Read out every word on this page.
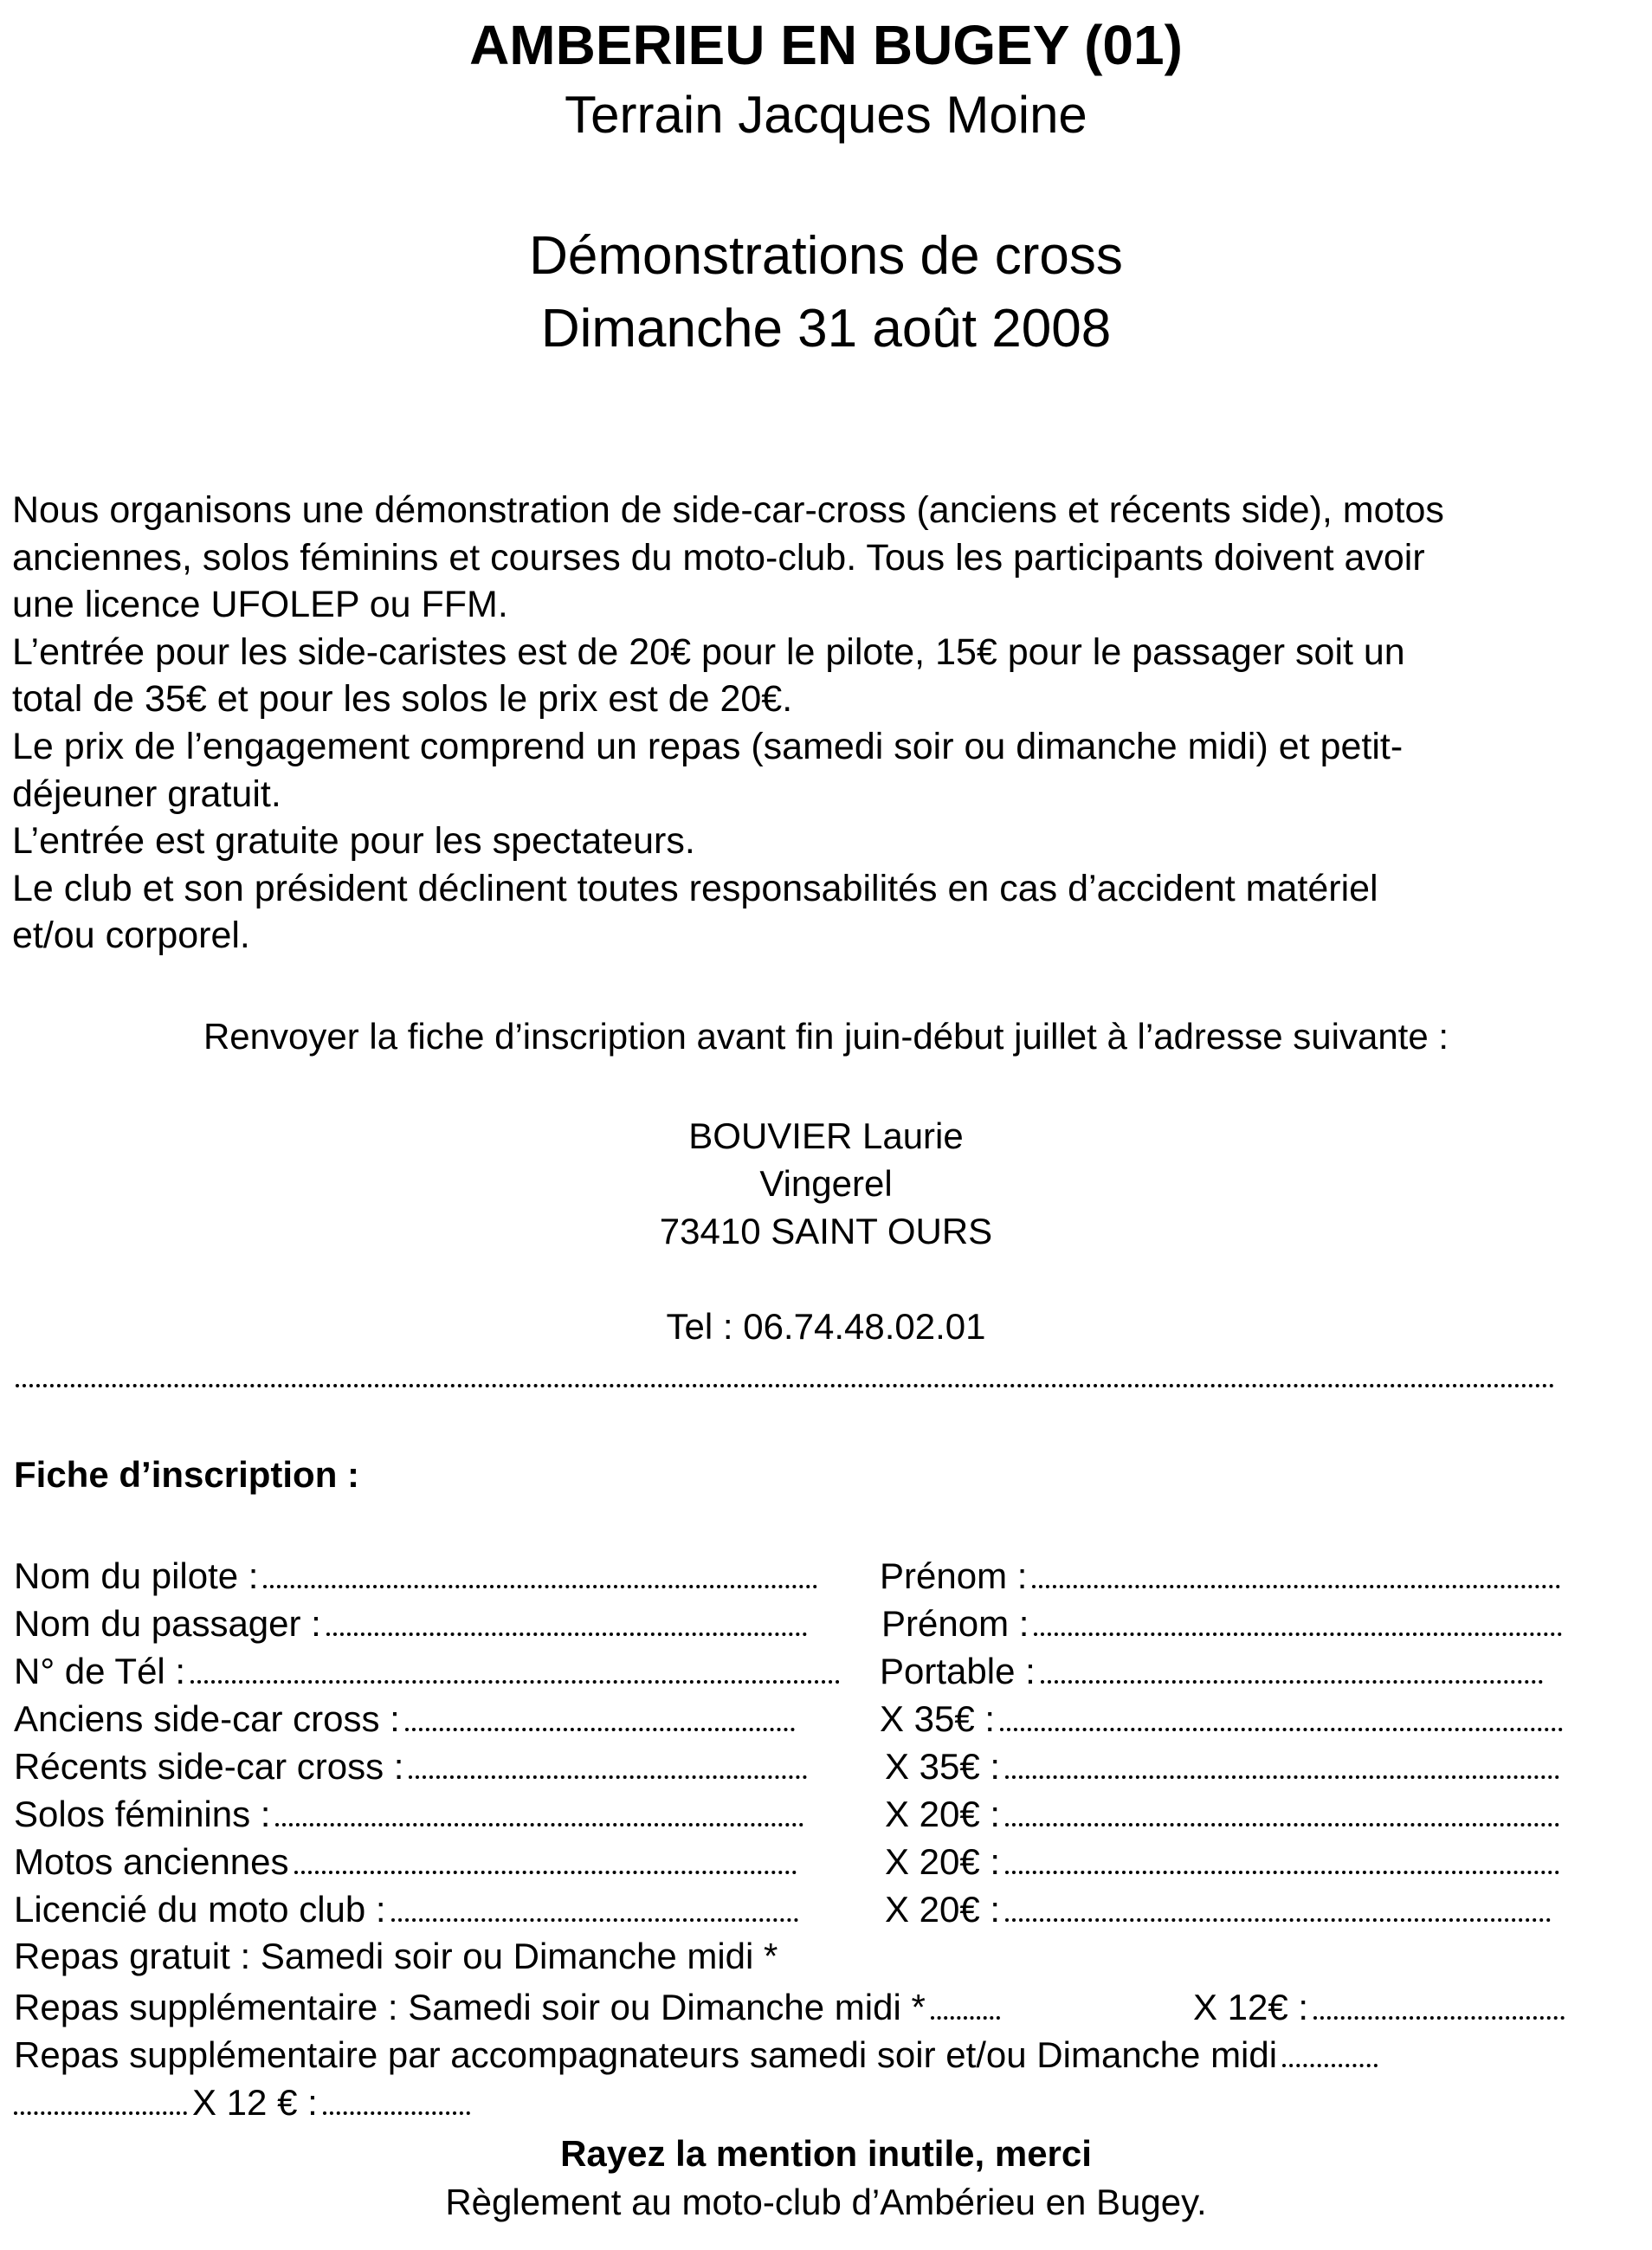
AMBERIEU EN BUGEY (01)
Terrain Jacques Moine
Démonstrations de cross
Dimanche 31 août 2008

Nous organisons une démonstration de side-car-cross (anciens et récents side), motos

anciennes, solos féminins et courses du moto-club. Tous les participants doivent avoir

une licence UFOLEP ou FFM.

L’entrée pour les side-caristes est de 20€ pour le pilote, 15€ pour le passager soit un

total de 35€ et pour les solos le prix est de 20€.

Le prix de l’engagement comprend un repas (samedi soir ou dimanche midi) et petit-

déjeuner gratuit.

L’entrée est gratuite pour les spectateurs.

Le club et son président déclinent toutes responsabilités en cas d’accident matériel

et/ou corporel.

Renvoyer la fiche d’inscription avant fin juin-début juillet à l’adresse suivante :
BOUVIER Laurie
Vingerel
73410 SAINT OURS
Tel : 06.74.48.02.01
Fiche d’inscription :
Nom du pilote :	Prénom :
Nom du passager :	Prénom :
N° de Tél :	Portable :
Anciens side-car cross :	X 35€ :
Récents side-car cross :	X 35€ :
Solos féminins :	X 20€ :
Motos anciennes	X 20€ :
Licencié du moto club :	X 20€ :
Repas gratuit : Samedi soir ou Dimanche midi *
Repas supplémentaire : Samedi soir ou Dimanche midi *	X 12€ :
Repas supplémentaire par accompagnateurs samedi soir et/ou Dimanche midi
X 12 € :
Rayez la mention inutile, merci
Règlement au moto-club d’Ambérieu en Bugey.
